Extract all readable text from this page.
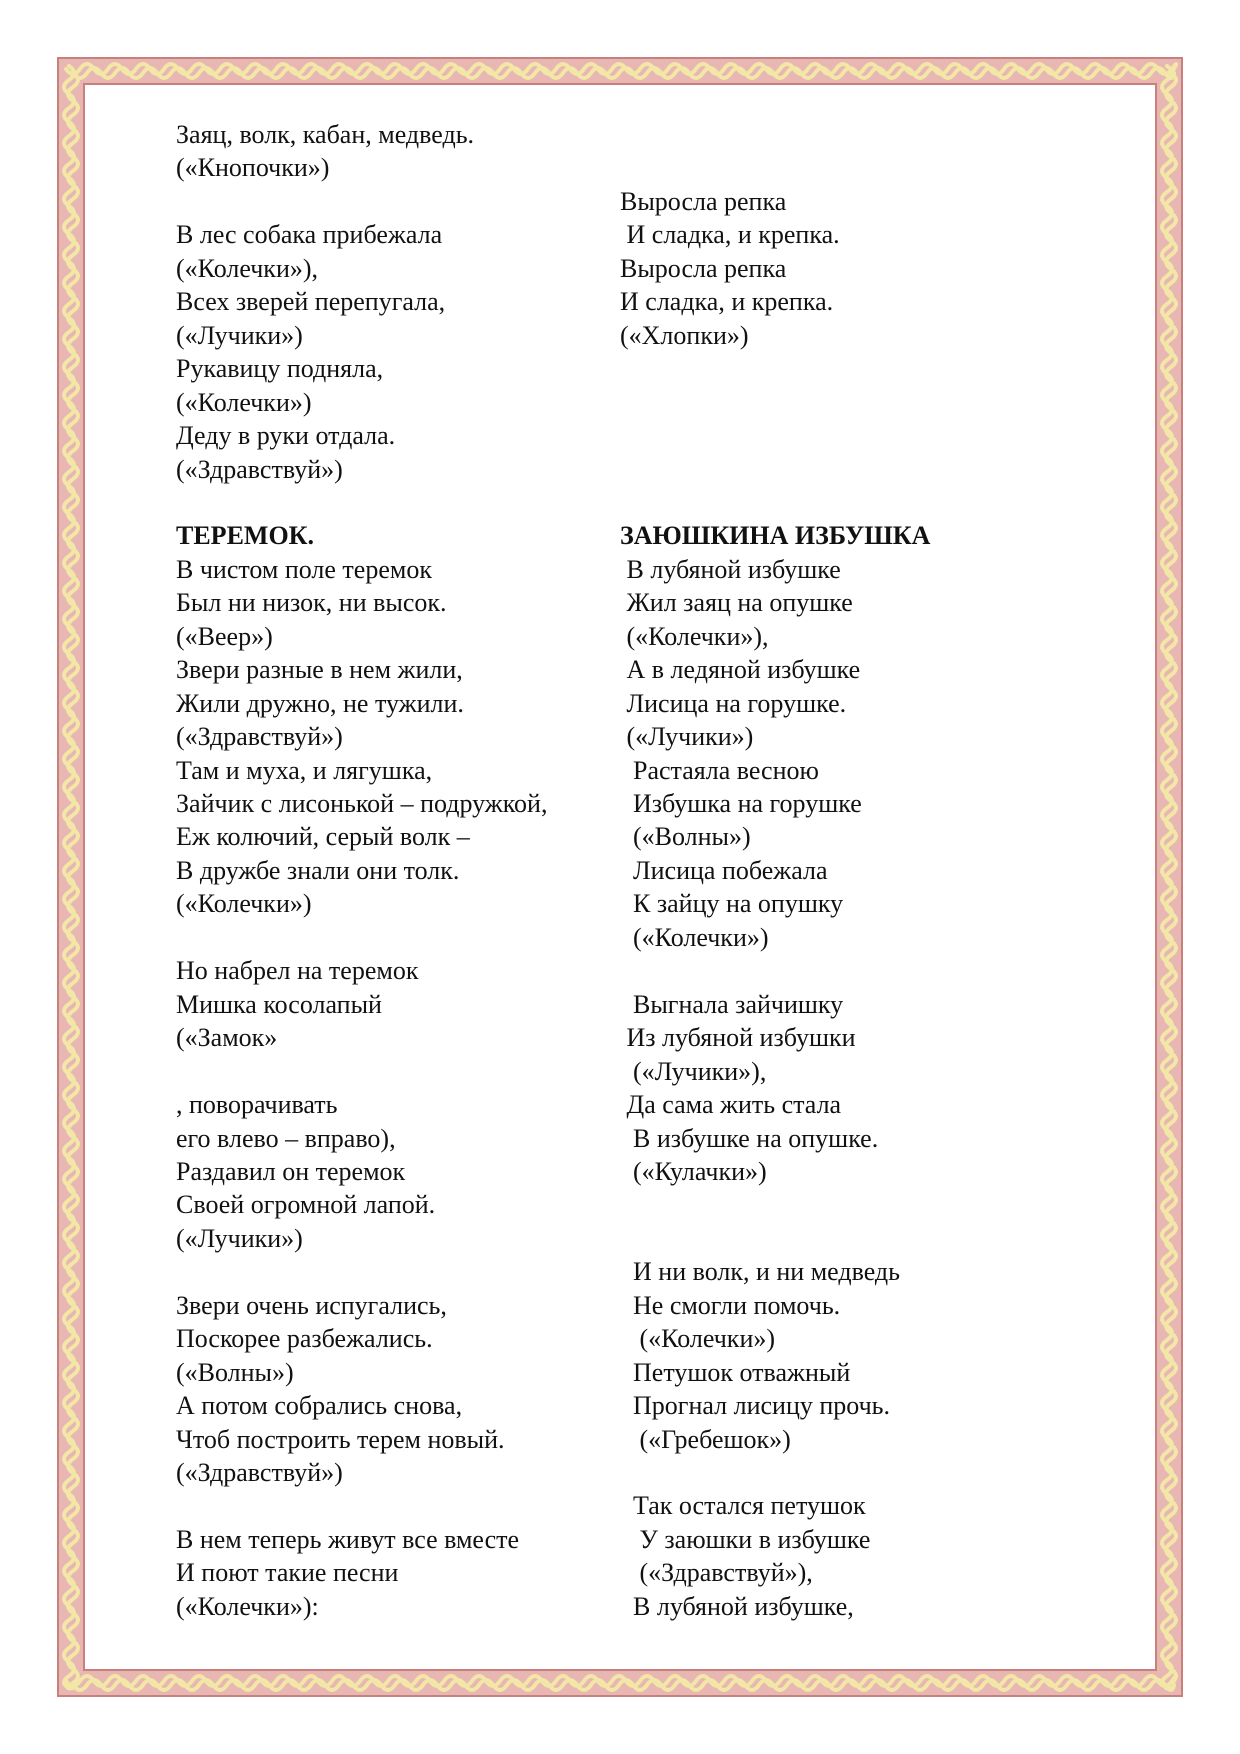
Заяц, волк, кабан, медведь.
(«Кнопочки»)
В лес собака прибежала
(«Колечки»),
Всех зверей перепугала,
(«Лучики»)
Рукавицу подняла,
(«Колечки»)
Деду в руки отдала.
(«Здравствуй»)
ТЕРЕМОК.
В чистом поле теремок
Был ни низок, ни высок.
(«Веер»)
Звери разные в нем жили,
Жили дружно, не тужили.
(«Здравствуй»)
Там и муха, и лягушка,
Зайчик с лисонькой – подружкой,
Еж колючий, серый волк –
В дружбе знали они толк.
(«Колечки»)
Но набрел на теремок
Мишка косолапый
(«Замок»
, поворачивать
его влево – вправо),
Раздавил он теремок
Своей огромной лапой.
(«Лучики»)
Звери очень испугались,
Поскорее разбежались.
(«Волны»)
А потом собрались снова,
Чтоб построить терем новый.
(«Здравствуй»)
В нем теперь живут все вместе
И поют такие песни
(«Колечки»):
Выросла репка
И сладка, и крепка.
Выросла репка
И сладка, и крепка.
(«Хлопки»)
ЗАЮШКИНА ИЗБУШКА
В лубяной избушке
Жил заяц на опушке
(«Колечки»),
А в ледяной избушке
Лисица на горушке.
(«Лучики»)
Растаяла весною
Избушка на горушке
(«Волны»)
Лисица побежала
К зайцу на опушку
(«Колечки»)
Выгнала зайчишку
Из лубяной избушки
(«Лучики»),
Да сама жить стала
В избушке на опушке.
(«Кулачки»)
И ни волк, и ни медведь
Не смогли помочь.
(«Колечки»)
Петушок отважный
Прогнал лисицу прочь.
(«Гребешок»)
Так остался петушок
У заюшки в избушке
(«Здравствуй»),
В лубяной избушке,
